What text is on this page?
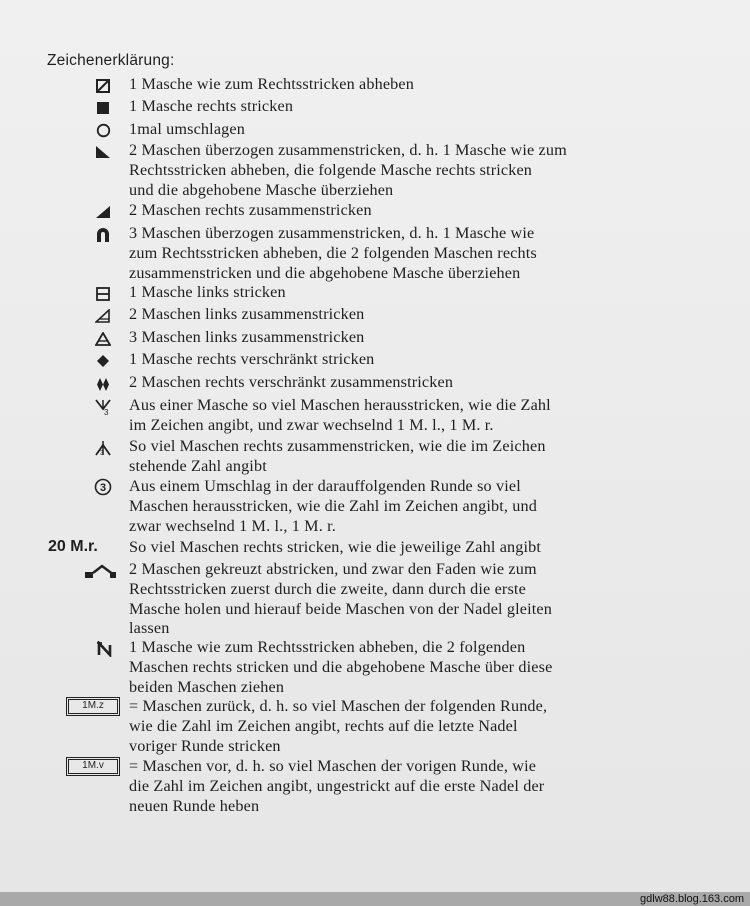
Zeichenerklärung:
1 Masche wie zum Rechtsstricken abheben
1 Masche rechts stricken
1mal umschlagen
2 Maschen überzogen zusammenstricken, d. h. 1 Masche wie zum
Rechtsstricken abheben, die folgende Masche rechts stricken
und die abgehobene Masche überziehen
2 Maschen rechts zusammenstricken
3 Maschen überzogen zusammenstricken, d. h. 1 Masche wie
zum Rechtsstricken abheben, die 2 folgenden Maschen rechts
zusammenstricken und die abgehobene Masche überziehen
1 Masche links stricken
2 Maschen links zusammenstricken
3 Maschen links zusammenstricken
1 Masche rechts verschränkt stricken
2 Maschen rechts verschränkt zusammenstricken
3 Aus einer Masche so viel Maschen herausstricken, wie die Zahl
im Zeichen angibt, und zwar wechselnd 1 M. l., 1 M. r.
3 So viel Maschen rechts zusammenstricken, wie die im Zeichen
stehende Zahl angibt
3 Aus einem Umschlag in der darauffolgenden Runde so viel
Maschen herausstricken, wie die Zahl im Zeichen angibt, und
zwar wechselnd 1 M. l., 1 M. r.
20 M.r.	So viel Maschen rechts stricken, wie die jeweilige Zahl angibt
2 Maschen gekreuzt abstricken, und zwar den Faden wie zum
Rechtsstricken zuerst durch die zweite, dann durch die erste
Masche holen und hierauf beide Maschen von der Nadel gleiten
lassen
1 Masche wie zum Rechtsstricken abheben, die 2 folgenden
Maschen rechts stricken und die abgehobene Masche über diese
beiden Maschen ziehen
1M.z	= Maschen zurück, d. h. so viel Maschen der folgenden Runde,
wie die Zahl im Zeichen angibt, rechts auf die letzte Nadel
voriger Runde stricken
1M.v	= Maschen vor, d. h. so viel Maschen der vorigen Runde, wie
die Zahl im Zeichen angibt, ungestrickt auf die erste Nadel der
neuen Runde heben
gdlw88.blog.163.com
